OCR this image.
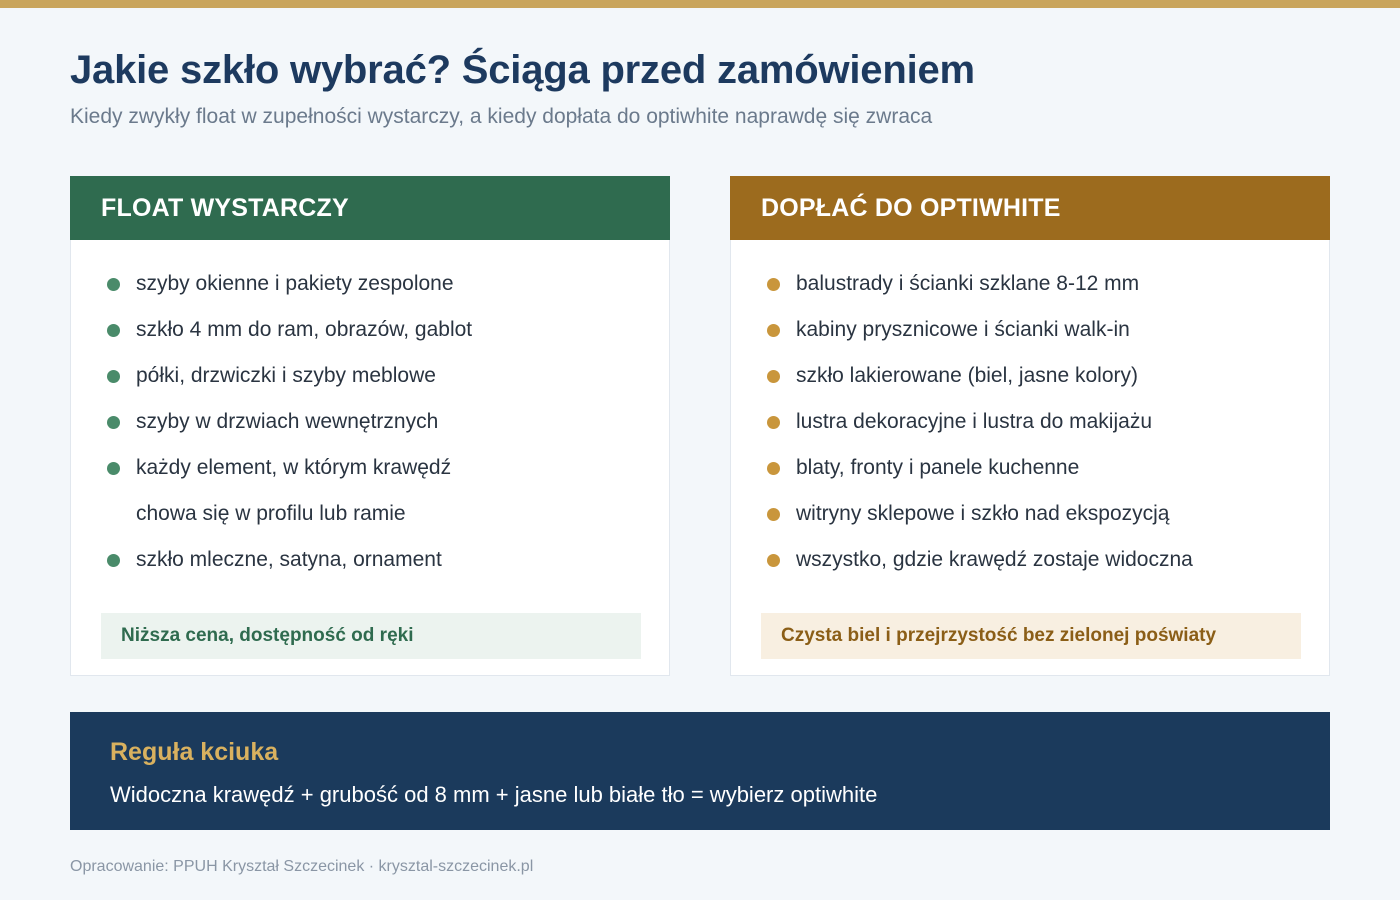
Jakie szkło wybrać? Ściąga przed zamówieniem

Kiedy zwykły float w zupełności wystarczy, a kiedy dopłata do optiwhite naprawdę się zwraca

FLOAT WYSTARCZY
szyby okienne i pakiety zespolone
szkło 4 mm do ram, obrazów, gablot
półki, drzwiczki i szyby meblowe
szyby w drzwiach wewnętrznych
każdy element, w którym krawędź
chowa się w profilu lub ramie
szkło mleczne, satyna, ornament
Niższa cena, dostępność od ręki
DOPŁAĆ DO OPTIWHITE
balustrady i ścianki szklane 8-12 mm
kabiny prysznicowe i ścianki walk-in
szkło lakierowane (biel, jasne kolory)
lustra dekoracyjne i lustra do makijażu
blaty, fronty i panele kuchenne
witryny sklepowe i szkło nad ekspozycją
wszystko, gdzie krawędź zostaje widoczna
Czysta biel i przejrzystość bez zielonej poświaty
Reguła kciuka
Widoczna krawędź + grubość od 8 mm + jasne lub białe tło = wybierz optiwhite
Opracowanie: PPUH Kryształ Szczecinek · krysztal-szczecinek.pl
